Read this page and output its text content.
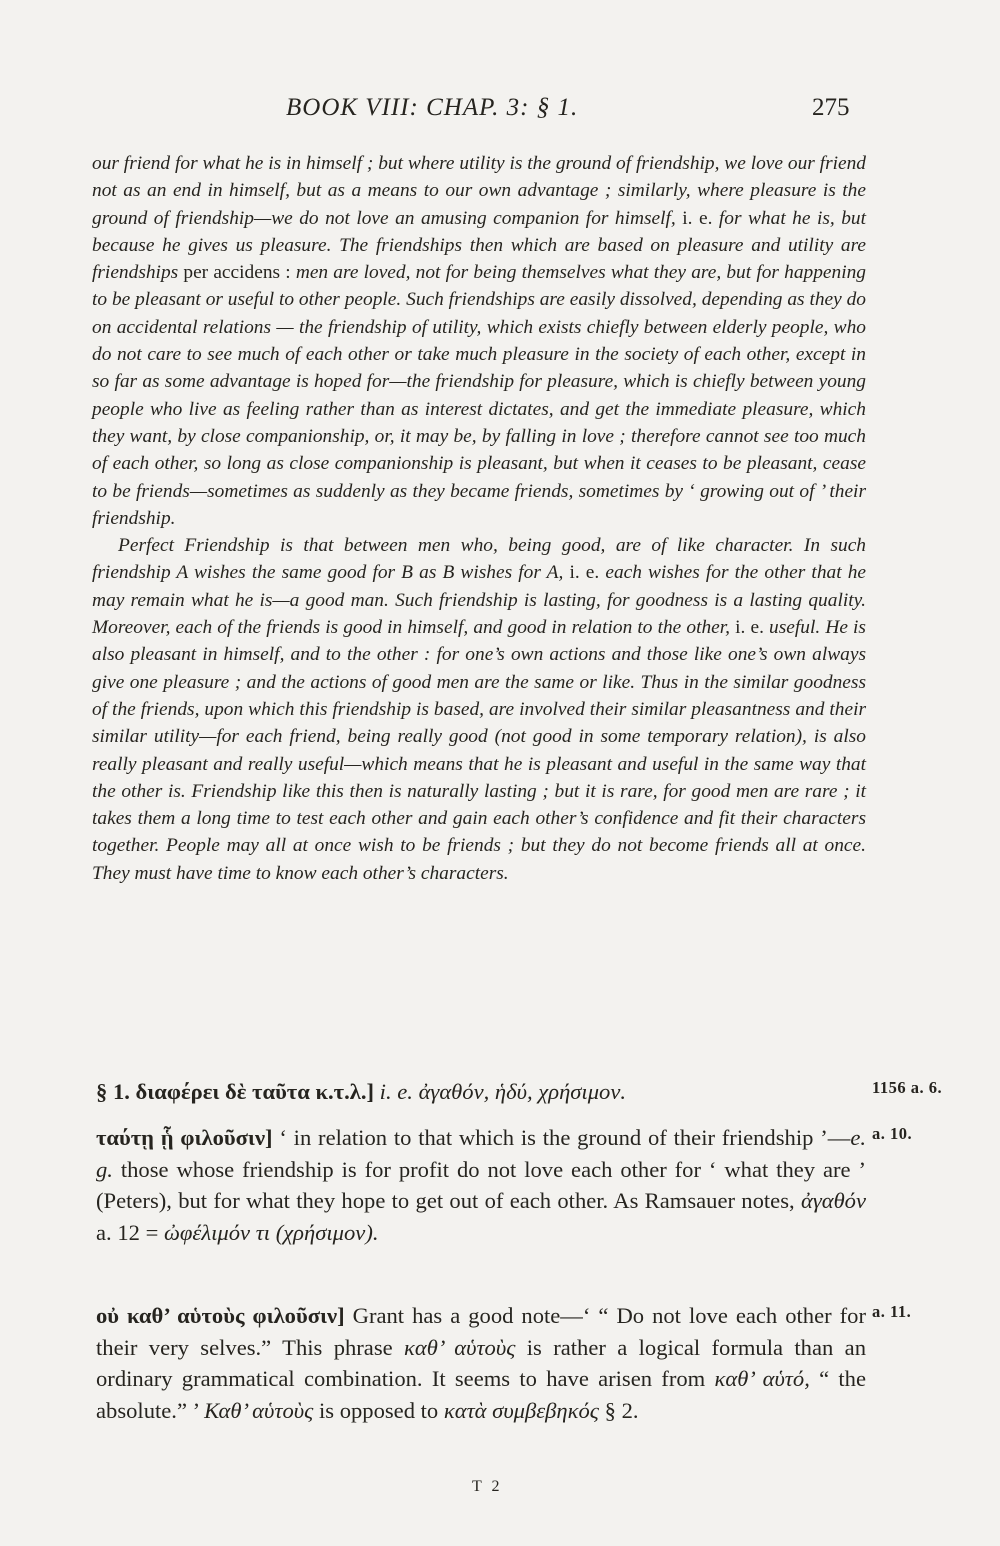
BOOK VIII: CHAP. 3: § 1.	275

our friend for what he is in himself ; but where utility is the ground of friendship, we love our friend not as an end in himself, but as a means to our own advantage ; similarly, where pleasure is the ground of friendship—we do not love an amusing companion for himself, i. e. for what he is, but because he gives us pleasure. The friendships then which are based on pleasure and utility are friendships per accidens : men are loved, not for being themselves what they are, but for happening to be pleasant or useful to other people. Such friendships are easily dissolved, depending as they do on accidental relations — the friendship of utility, which exists chiefly between elderly people, who do not care to see much of each other or take much pleasure in the society of each other, except in so far as some advantage is hoped for—the friendship for pleasure, which is chiefly between young people who live as feeling rather than as interest dictates, and get the immediate pleasure, which they want, by close companionship, or, it may be, by falling in love ; therefore cannot see too much of each other, so long as close companionship is pleasant, but when it ceases to be pleasant, cease to be friends—sometimes as suddenly as they became friends, sometimes by ‘ growing out of ’ their friendship.

Perfect Friendship is that between men who, being good, are of like character. In such friendship A wishes the same good for B as B wishes for A, i. e. each wishes for the other that he may remain what he is—a good man. Such friendship is lasting, for goodness is a lasting quality. Moreover, each of the friends is good in himself, and good in relation to the other, i. e. useful. He is also pleasant in himself, and to the other : for one’s own actions and those like one’s own always give one pleasure ; and the actions of good men are the same or like. Thus in the similar goodness of the friends, upon which this friendship is based, are involved their similar pleasantness and their similar utility—for each friend, being really good (not good in some temporary relation), is also really pleasant and really useful—which means that he is pleasant and useful in the same way that the other is. Friendship like this then is naturally lasting ; but it is rare, for good men are rare ; it takes them a long time to test each other and gain each other’s confidence and fit their characters together. People may all at once wish to be friends ; but they do not become friends all at once. They must have time to know each other’s characters.

§ 1. διαφέρει δὲ ταῦτα κ.τ.λ.] i. e. ἀγαθόν, ἡδύ, χρήσιμον.	1156 a. 6.

ταύτῃ ᾗ φιλοῦσιν] ‘ in relation to that which is the ground of their friendship ’—e. g. those whose friendship is for profit do not love each other for ‘ what they are ’ (Peters), but for what they hope to get out of each other. As Ramsauer notes, ἀγαθόν a. 12 = ὠφέλιμόν τι (χρήσιμον).

a. 10.

οὐ καθ’ αὑτοὺς φιλοῦσιν] Grant has a good note—‘ “ Do not love each other for their very selves.” This phrase καθ’ αὑτοὺς is rather a logical formula than an ordinary grammatical combination. It seems to have arisen from καθ’ αὑτό, “ the absolute.” ’ Καθ’ αὑτοὺς is opposed to κατὰ συμβεβηκός § 2.

a. 11.
T 2
